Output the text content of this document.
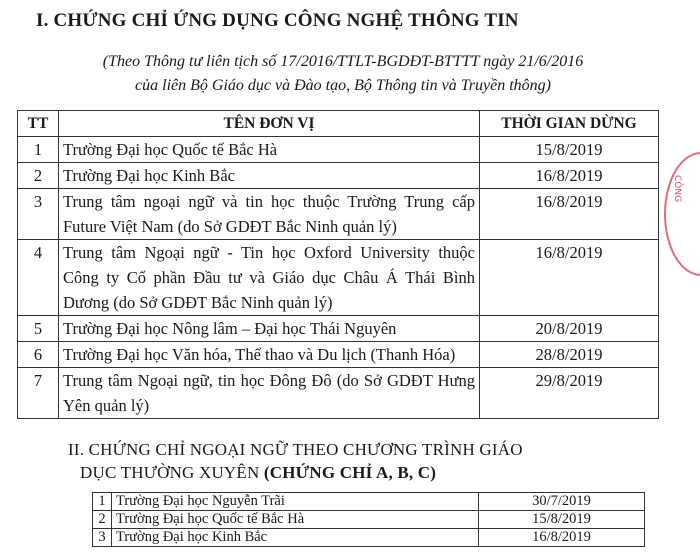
I. CHỨNG CHỈ ỨNG DỤNG CÔNG NGHỆ THÔNG TIN
(Theo Thông tư liên tịch số 17/2016/TTLT-BGDĐT-BTTTT ngày 21/6/2016
của liên Bộ Giáo dục và Đào tạo, Bộ Thông tin và Truyền thông)
TT	TÊN ĐƠN VỊ	THỜI GIAN DỪNG
1	Trường Đại học Quốc tế Bắc Hà	15/8/2019
2	Trường Đại học Kinh Bắc	16/8/2019
3	Trung tâm ngoại ngữ và tin học thuộc Trường Trung cấp Future Việt Nam (do Sở GDĐT Bắc Ninh quản lý)	16/8/2019
4	Trung tâm Ngoại ngữ - Tin học Oxford University thuộc Công ty Cổ phần Đầu tư và Giáo dục Châu Á Thái Bình Dương (do Sở GDĐT Bắc Ninh quản lý)	16/8/2019
5	Trường Đại học Nông lâm – Đại học Thái Nguyên	20/8/2019
6	Trường Đại học Văn hóa, Thể thao và Du lịch (Thanh Hóa)	28/8/2019
7	Trung tâm Ngoại ngữ, tin học Đông Đô (do Sở GDĐT Hưng Yên quản lý)	29/8/2019
II. CHỨNG CHỈ NGOẠI NGỮ THEO CHƯƠNG TRÌNH GIÁO
DỤC THƯỜNG XUYÊN (CHỨNG CHỈ A, B, C)
1	Trường Đại học Nguyễn Trãi	30/7/2019
2	Trường Đại học Quốc tế Bắc Hà	15/8/2019
3	Trường Đại học Kinh Bắc	16/8/2019
CÔNG
